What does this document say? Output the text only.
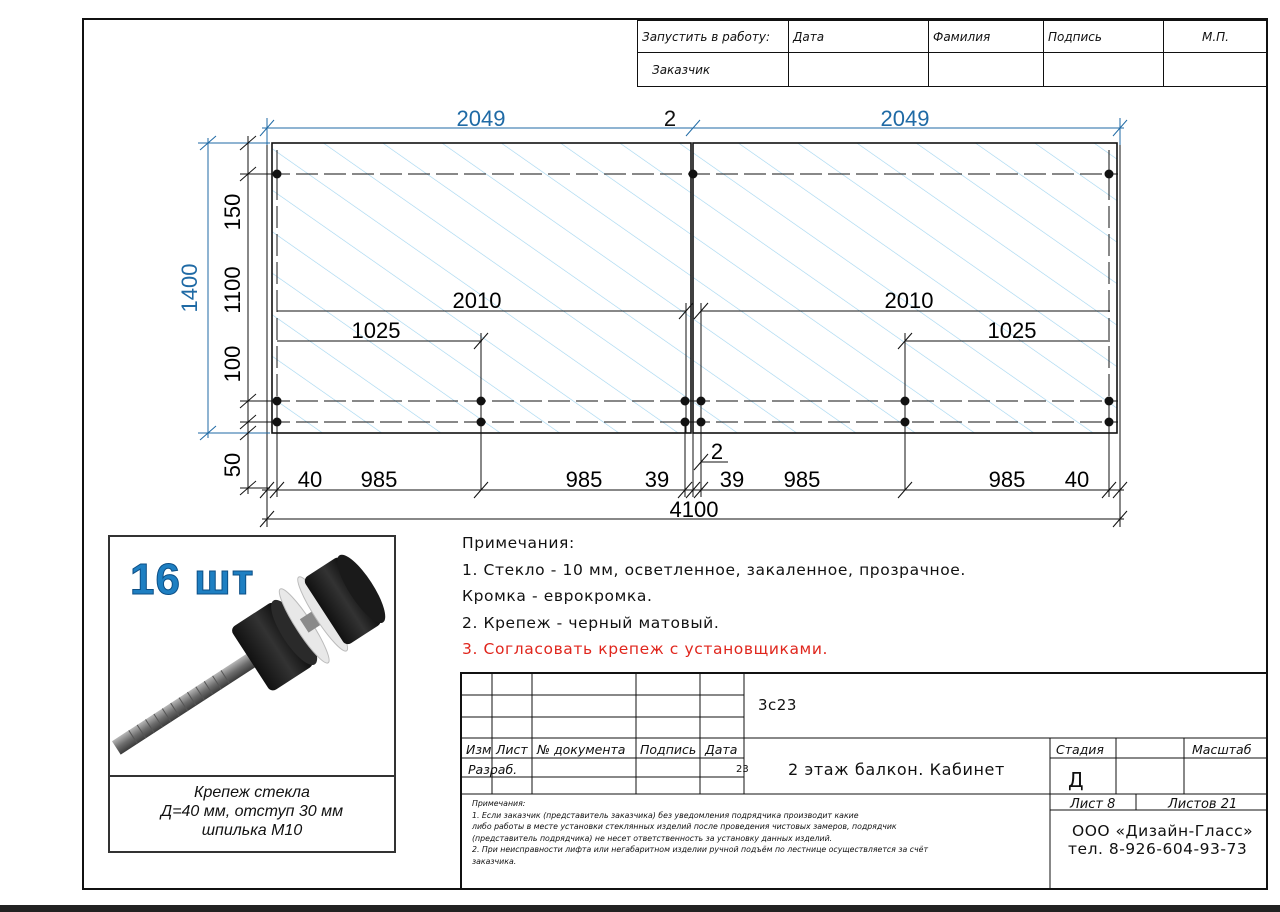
Запустить в работу:	Дата	Фамилия	Подпись	М.П.
Заказчик				
2049	2	2049
1400
150
1100
100
50
2010	2010
1025	1025
40 985	985 39
2
39 985	985 40
4100
Примечания:
1. Стекло - 10 мм, осветленное, закаленное, прозрачное.
Кромка - еврокромка.
2. Крепеж - черный матовый.
3. Согласовать крепеж с установщиками.
16 шт
Крепеж стекла
Д=40 мм, отступ 30 мм
шпилька М10
3с23
Изм Лист № документа Подпись Дата
Разраб.	23 2 этаж балкон. Кабинет
Стадия	Масштаб
Д
Лист 8	Листов 21
ООО «Дизайн-Гласс»
тел. 8-926-604-93-73
Примечания:
1. Если заказчик (представитель заказчика) без уведомления подрядчика производит какие
либо работы в месте установки стеклянных изделий после проведения чистовых замеров, подрядчик
(представитель подрядчика) не несет ответственность за установку данных изделий.
2. При неисправности лифта или негабаритном изделии ручной подъём по лестнице осуществляется за счёт
заказчика.
